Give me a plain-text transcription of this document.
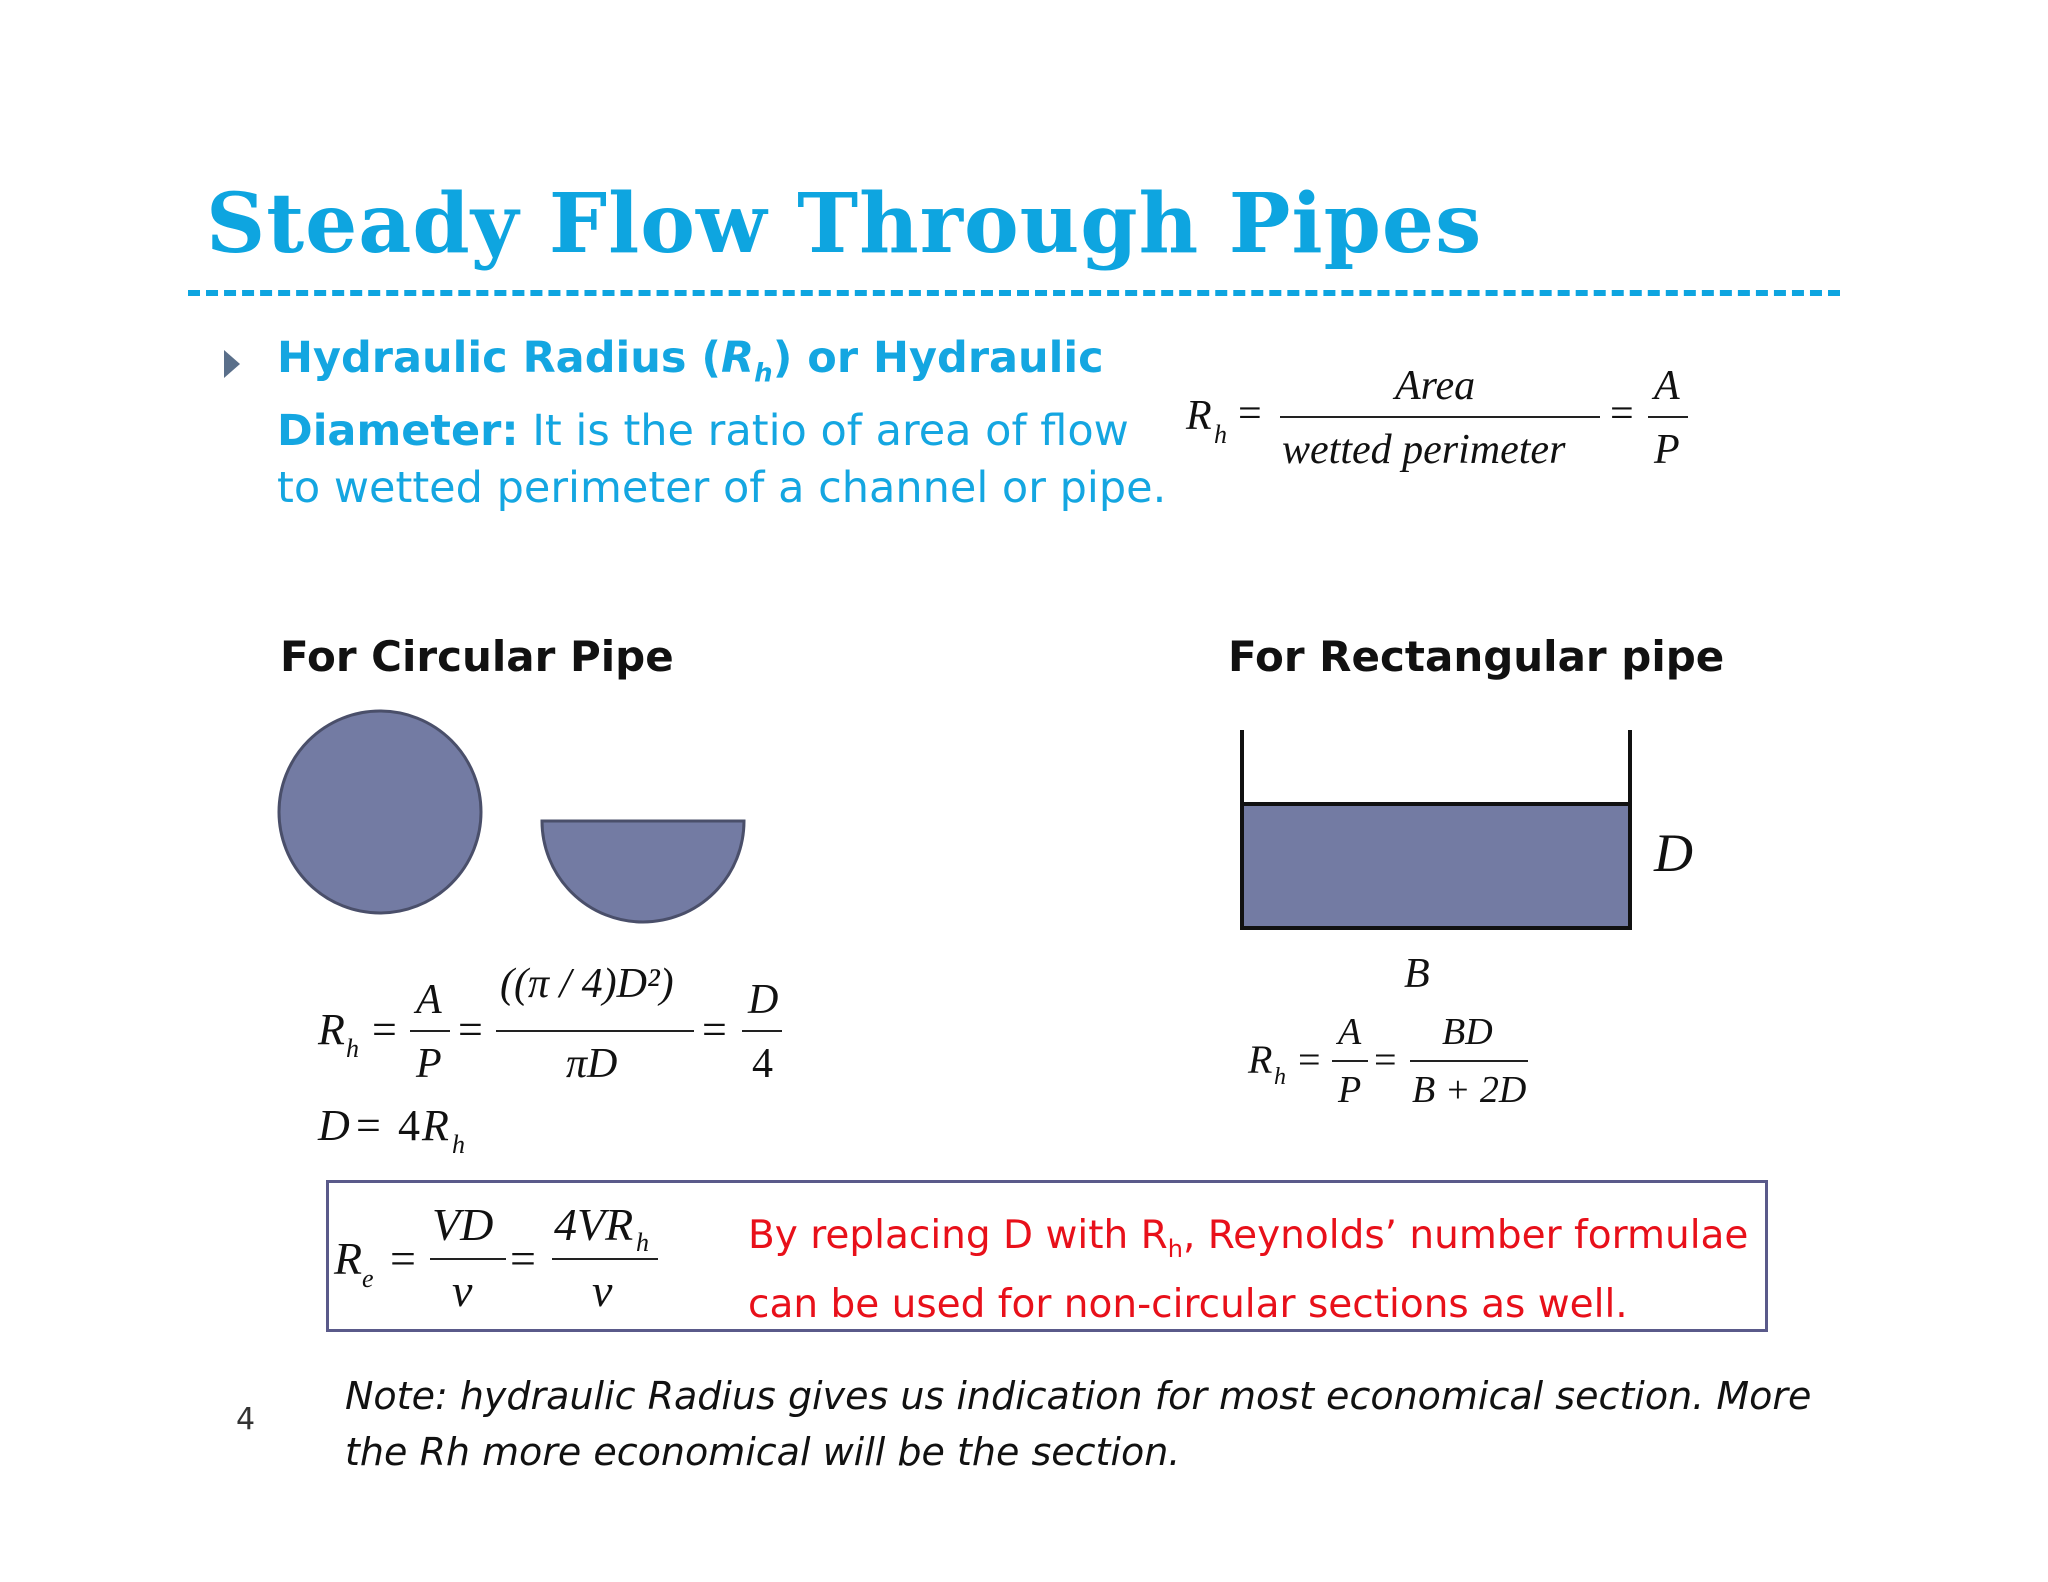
Steady Flow Through Pipes
Hydraulic Radius $(R_h)$ or Hydraulic
Diameter: It is the ratio of area of flow
to wetted perimeter of a channel or pipe.
R h =
Area
wetted perimeter
=
A
P
For Circular Pipe
R h =
A
P
=
((π / 4)D²)
πD
=
D
4
D = 4 R h
For Rectangular pipe
D
B
R h =
A
P
=
BD
B + 2D
R e =
VD
ν
=
4VR h
ν
By replacing D with $R_h$, Reynolds’ number formulae
can be used for non-circular sections as well.
Note: hydraulic Radius gives us indication for most economical section. More
the Rh more economical will be the section.
4
